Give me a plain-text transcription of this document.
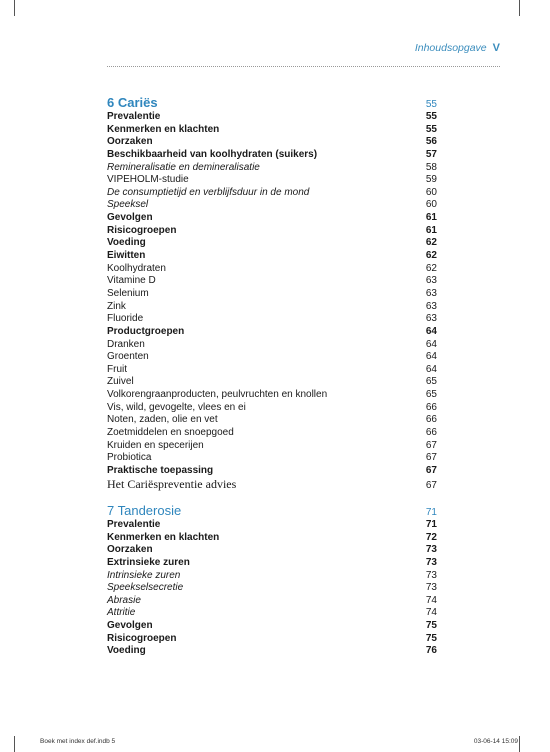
Inhoudsopgave V
6 Cariës	55
Prevalentie	55
Kenmerken en klachten	55
Oorzaken	56
Beschikbaarheid van koolhydraten (suikers)	57
Remineralisatie en demineralisatie	58
VIPEHOLM-studie	59
De consumptietijd en verblijfsduur in de mond	60
Speeksel	60
Gevolgen	61
Risicogroepen	61
Voeding	62
Eiwitten	62
Koolhydraten	62
Vitamine D	63
Selenium	63
Zink	63
Fluoride	63
Productgroepen	64
Dranken	64
Groenten	64
Fruit	64
Zuivel	65
Volkorengraanproducten, peulvruchten en knollen	65
Vis, wild, gevogelte, vlees en ei	66
Noten, zaden, olie en vet	66
Zoetmiddelen en snoepgoed	66
Kruiden en specerijen	67
Probiotica	67
Praktische toepassing	67
Het Cariëspreventie advies	67
7 Tanderosie	71
Prevalentie	71
Kenmerken en klachten	72
Oorzaken	73
Extrinsieke zuren	73
Intrinsieke zuren	73
Speekselsecretie	73
Abrasie	74
Attritie	74
Gevolgen	75
Risicogroepen	75
Voeding	76
Boek met index def.indb 5	03-06-14 15:09
